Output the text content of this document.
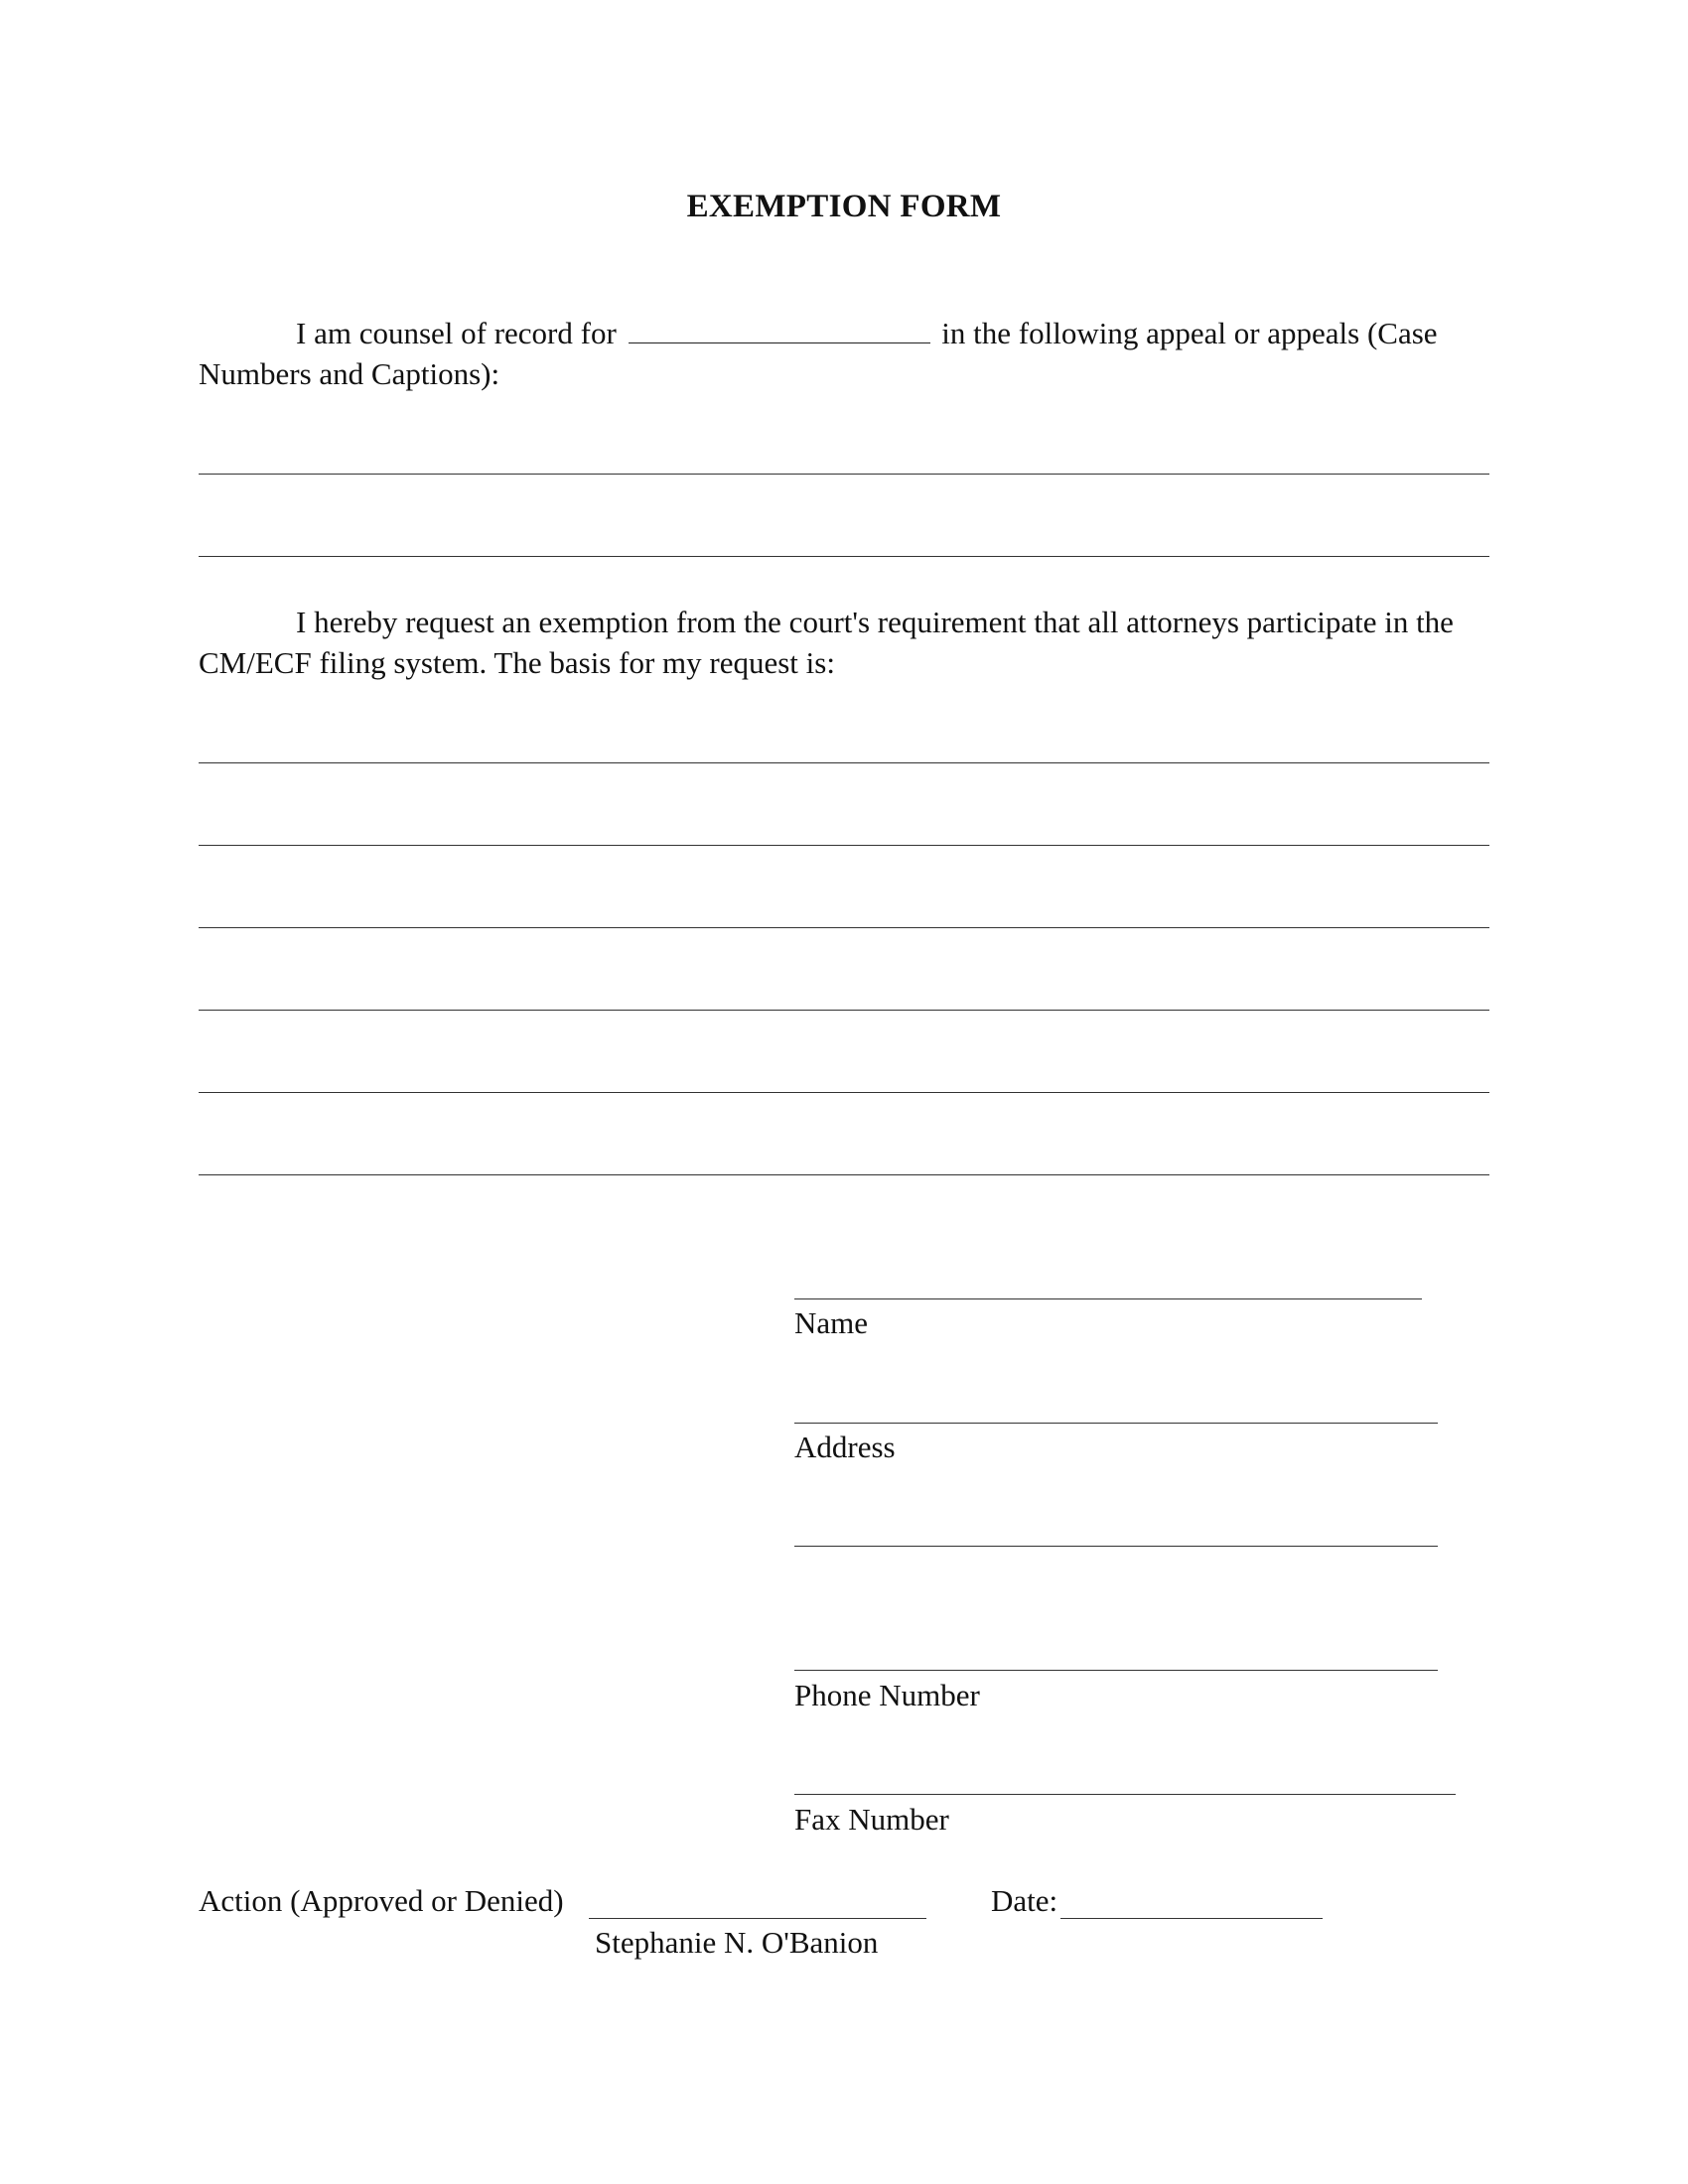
EXEMPTION FORM
I am counsel of record for	in the following appeal or appeals (Case
Numbers and Captions):
I hereby request an exemption from the court's requirement that all attorneys participate in the
CM/ECF filing system. The basis for my request is:
Name
Address
Phone Number
Fax Number
Action (Approved or Denied)	Date:
Stephanie N. O'Banion
